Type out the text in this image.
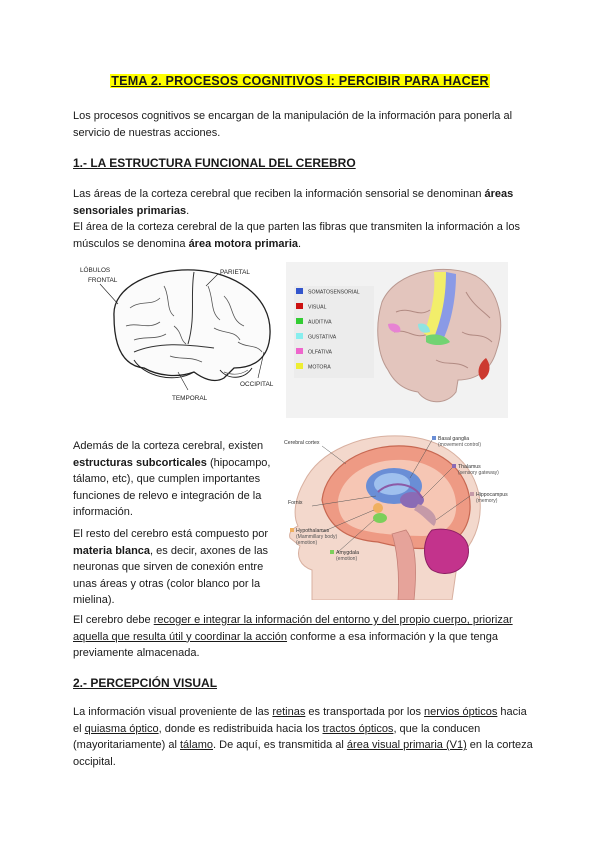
TEMA 2. PROCESOS COGNITIVOS I: PERCIBIR PARA HACER

Los procesos cognitivos se encargan de la manipulación de la información para ponerla al servicio de nuestras acciones.

1.- LA ESTRUCTURA FUNCIONAL DEL CEREBRO

Las áreas de la corteza cerebral que reciben la información sensorial se denominan áreas sensoriales primarias.
El área de la corteza cerebral de la que parten las fibras que transmiten la información a los músculos se denomina área motora primaria.

LÓBULOS
FRONTAL
PARIETAL
OCCIPITAL
TEMPORAL
SOMATOSENSORIAL
VISUAL
AUDITIVA
GUSTATIVA
OLFATIVA
MOTORA

Además de la corteza cerebral, existen estructuras subcorticales (hipocampo, tálamo, etc), que cumplen importantes funciones de relevo e integración de la información.

El resto del cerebro está compuesto por materia blanca, es decir, axones de las neuronas que sirven de conexión entre unas áreas y otras (color blanco por la mielina).

Cerebral cortex
Basal ganglia
(movement control)
Thalamus
(sensory gateway)
Hippocampus
(memory)
Fornix
Hypothalamus
(Mammillary body)
(emotion)
Amygdala
(emotion)

El cerebro debe recoger e integrar la información del entorno y del propio cuerpo, priorizar aquella que resulta útil y coordinar la acción conforme a esa información y la que tenga previamente almacenada.

2.- PERCEPCIÓN VISUAL

La información visual proveniente de las retinas es transportada por los nervios ópticos hacia el quiasma óptico, donde es redistribuida hacia los tractos ópticos, que la conducen (mayoritariamente) al tálamo. De aquí, es transmitida al área visual primaria (V1) en la corteza occipital.
